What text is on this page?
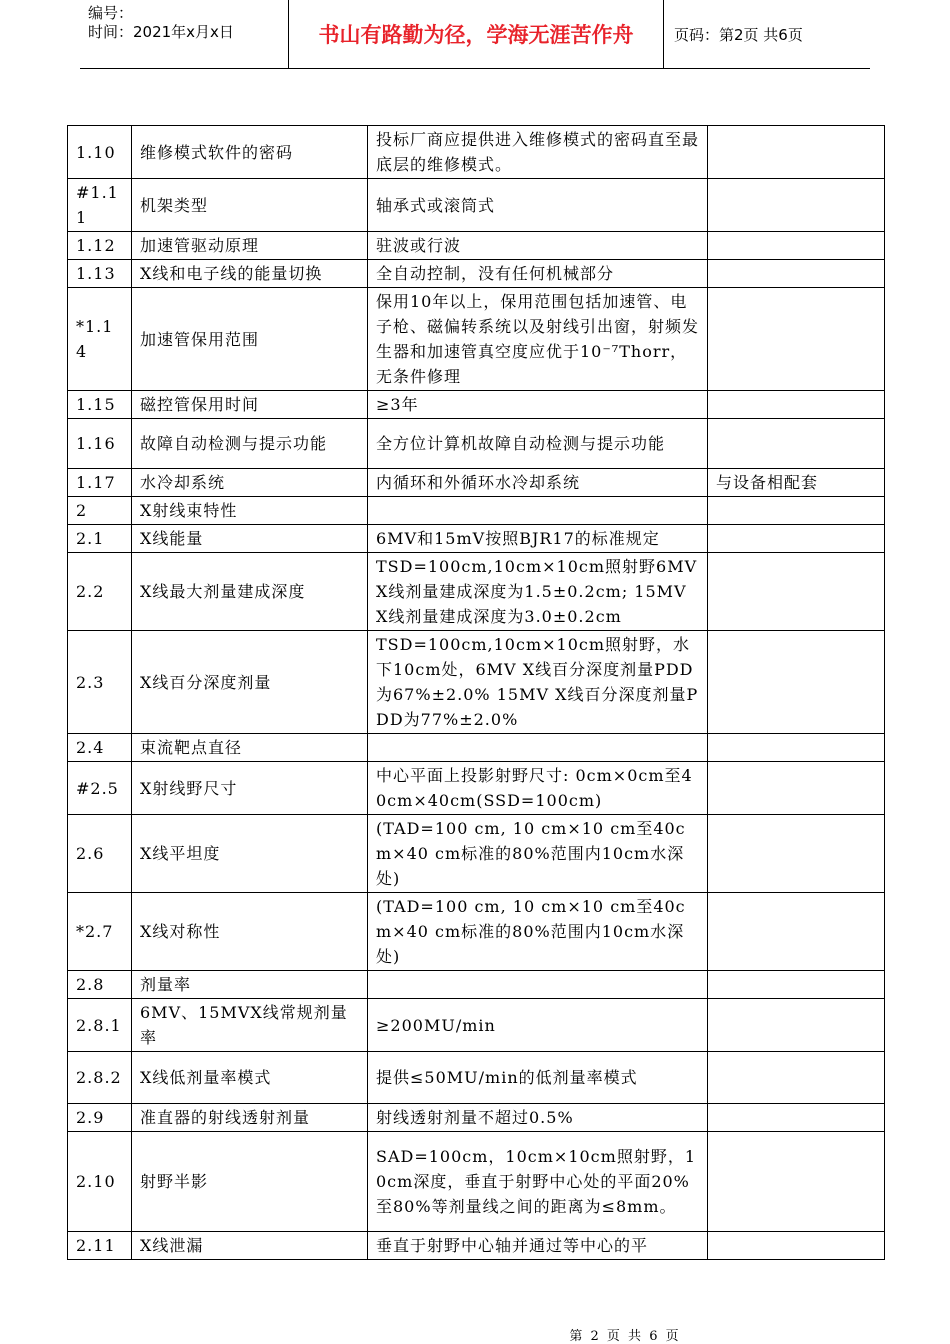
编号：
时间：2021年x月x日	书山有路勤为径，学海无涯苦作舟	页码：第2页 共6页
1.10	维修模式软件的密码	投标厂商应提供进入维修模式的密码直至最底层的维修模式。	
#1.11	机架类型	轴承式或滚筒式	
1.12	加速管驱动原理	驻波或行波	
1.13	X线和电子线的能量切换	全自动控制，没有任何机械部分	
*1.14	加速管保用范围	保用10年以上，保用范围包括加速管、电子枪、磁偏转系统以及射线引出窗，射频发生器和加速管真空度应优于10⁻⁷Thorr，无条件修理	
1.15	磁控管保用时间	≥3年	
1.16	故障自动检测与提示功能	全方位计算机故障自动检测与提示功能	
1.17	水冷却系统	内循环和外循环水冷却系统	与设备相配套
2	X射线束特性		
2.1	X线能量	6MV和15mV按照BJR17的标准规定	
2.2	X线最大剂量建成深度	TSD=100cm,10cm×10cm照射野6MV X线剂量建成深度为1.5±0.2cm; 15MV X线剂量建成深度为3.0±0.2cm	
2.3	X线百分深度剂量	TSD=100cm,10cm×10cm照射野，水下10cm处，6MV X线百分深度剂量PDD为67%±2.0% 15MV X线百分深度剂量PDD为77%±2.0%	
2.4	束流靶点直径		
#2.5	X射线野尺寸	中心平面上投影射野尺寸: 0cm×0cm至40cm×40cm(SSD=100cm)	
2.6	X线平坦度	(TAD=100 cm, 10 cm×10 cm至40cm×40 cm标准的80%范围内10cm水深处)	
*2.7	X线对称性	(TAD=100 cm, 10 cm×10 cm至40cm×40 cm标准的80%范围内10cm水深处)	
2.8	剂量率		
2.8.1	6MV、15MVX线常规剂量率	≥200MU/min	
2.8.2	X线低剂量率模式	提供≤50MU/min的低剂量率模式	
2.9	准直器的射线透射剂量	射线透射剂量不超过0.5%	
2.10	射野半影	SAD=100cm，10cm×10cm照射野，10cm深度，垂直于射野中心处的平面20%至80%等剂量线之间的距离为≤8mm。	
2.11	X线泄漏	垂直于射野中心轴并通过等中心的平	
第 2 页 共 6 页
